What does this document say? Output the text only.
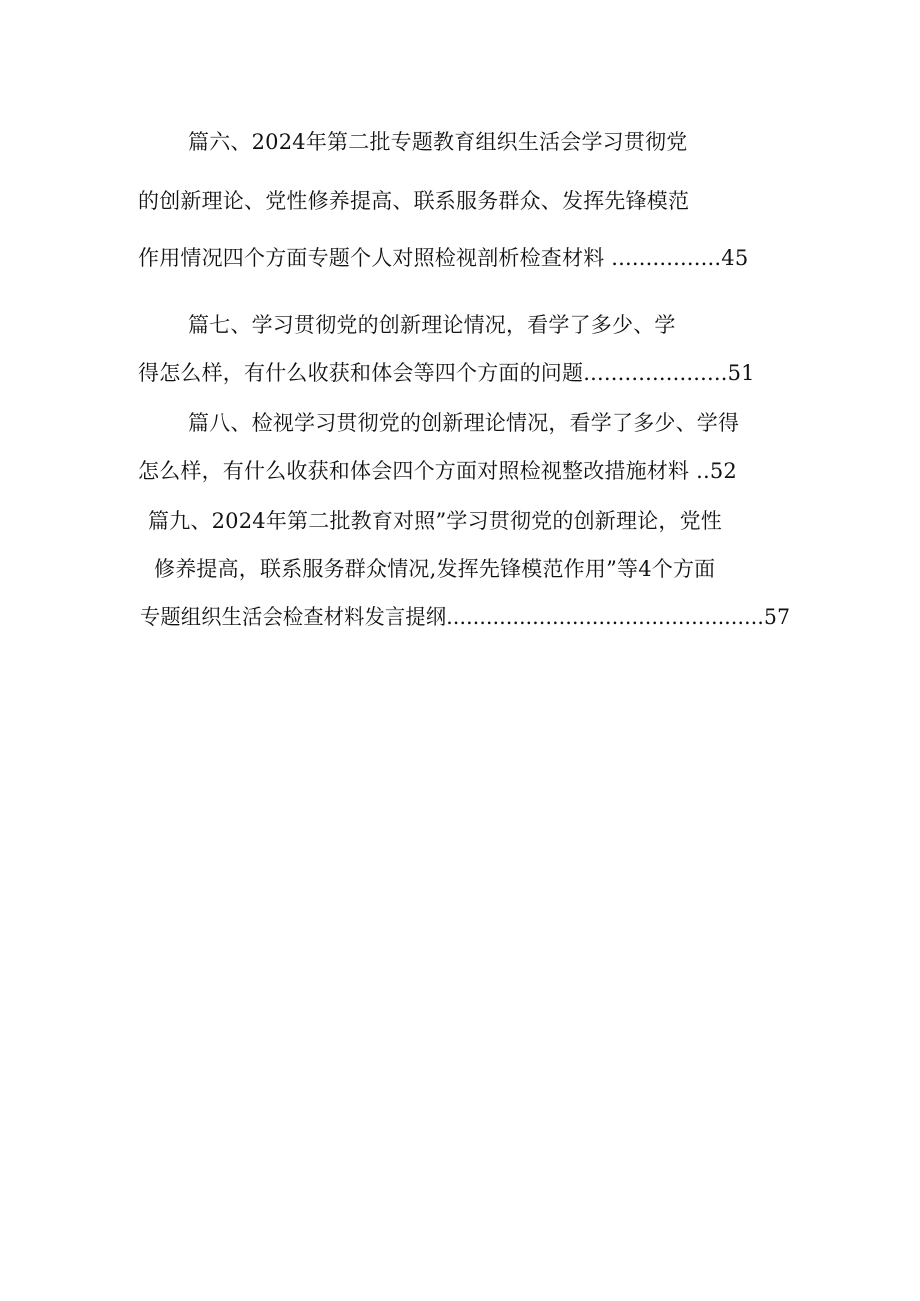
篇六、2024年第二批专题教育组织生活会学习贯彻党
的创新理论、党性修养提高、联系服务群众、发挥先锋模范
作用情况四个方面专题个人对照检视剖析检查材料 ................45
篇七、学习贯彻党的创新理论情况，看学了多少、学
得怎么样，有什么收获和体会等四个方面的问题.....................51
篇八、检视学习贯彻党的创新理论情况，看学了多少、学得
怎么样，有什么收获和体会四个方面对照检视整改措施材料 ..52
篇九、2024年第二批教育对照”学习贯彻党的创新理论，党性
修养提高，联系服务群众情况,发挥先锋模范作用”等4个方面
专题组织生活会检查材料发言提纲................................................57
